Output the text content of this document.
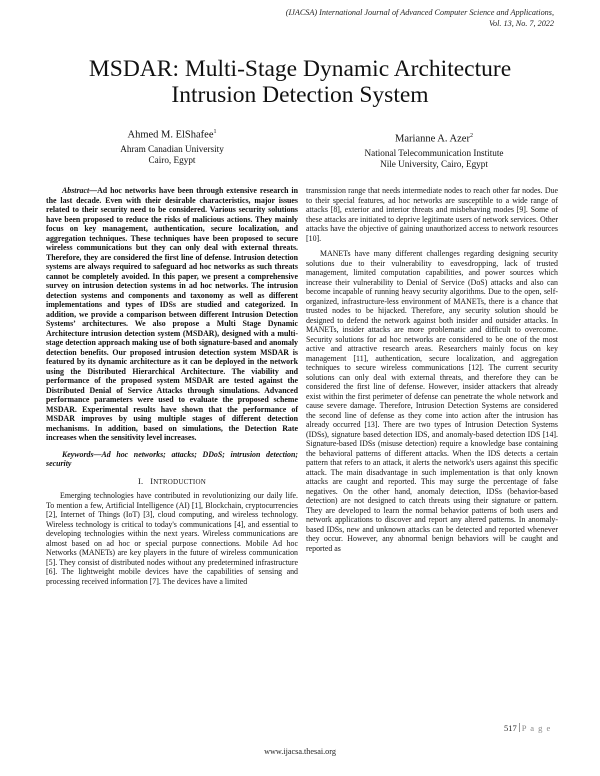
(IJACSA) International Journal of Advanced Computer Science and Applications,
Vol. 13, No. 7, 2022
MSDAR: Multi-Stage Dynamic Architecture
Intrusion Detection System
Ahmed M. ElShafee$^1$
Ahram Canadian University
Cairo, Egypt
Marianne A. Azer$^2$
National Telecommunication Institute
Nile University, Cairo, Egypt

Abstract—Ad hoc networks have been through extensive research in the last decade. Even with their desirable characteristics, major issues related to their security need to be considered. Various security solutions have been proposed to reduce the risks of malicious actions. They mainly focus on key management, authentication, secure localization, and aggregation techniques. These techniques have been proposed to secure wireless communications but they can only deal with external threats. Therefore, they are considered the first line of defense. Intrusion detection systems are always required to safeguard ad hoc networks as such threats cannot be completely avoided. In this paper, we present a comprehensive survey on intrusion detection systems in ad hoc networks. The intrusion detection systems and components and taxonomy as well as different implementations and types of IDSs are studied and categorized. In addition, we provide a comparison between different Intrusion Detection Systems’ architectures. We also propose a Multi Stage Dynamic Architecture intrusion detection system (MSDAR), designed with a multi-stage detection approach making use of both signature-based and anomaly detection benefits. Our proposed intrusion detection system MSDAR is featured by its dynamic architecture as it can be deployed in the network using the Distributed Hierarchical Architecture. The viability and performance of the proposed system MSDAR are tested against the Distributed Denial of Service Attacks through simulations. Advanced performance parameters were used to evaluate the proposed scheme MSDAR. Experimental results have shown that the performance of MSDAR improves by using multiple stages of different detection mechanisms. In addition, based on simulations, the Detection Rate increases when the sensitivity level increases.

Keywords—Ad hoc networks; attacks; DDoS; intrusion detection; security

I. INTRODUCTION

Emerging technologies have contributed in revolutionizing our daily life. To mention a few, Artificial Intelligence (AI) [1], Blockchain, cryptocurrencies [2], Internet of Things (IoT) [3], cloud computing, and wireless technology. Wireless technology is critical to today's communications [4], and essential to developing technologies within the next years. Wireless communications are almost based on ad hoc or special purpose connections. Mobile Ad hoc Networks (MANETs) are key players in the future of wireless communication [5]. They consist of distributed nodes without any predetermined infrastructure [6]. The lightweight mobile devices have the capabilities of sensing and processing received information [7]. The devices have a limited

transmission range that needs intermediate nodes to reach other far nodes. Due to their special features, ad hoc networks are susceptible to a wide range of attacks [8], exterior and interior threats and misbehaving modes [9]. Some of these attacks are initiated to deprive legitimate users of network services. Other attacks have the objective of gaining unauthorized access to network resources [10].

MANETs have many different challenges regarding designing security solutions due to their vulnerability to eavesdropping, lack of trusted management, limited computation capabilities, and power sources which increase their vulnerability to Denial of Service (DoS) attacks and also can become incapable of running heavy security algorithms. Due to the open, self-organized, infrastructure-less environment of MANETs, there is a chance that trusted nodes to be hijacked. Therefore, any security solution should be designed to defend the network against both insider and outsider attacks. In MANETs, insider attacks are more problematic and difficult to overcome. Security solutions for ad hoc networks are considered to be one of the most active and attractive research areas. Researchers mainly focus on key management [11], authentication, secure localization, and aggregation techniques to secure wireless communications [12]. The current security solutions can only deal with external threats, and therefore they can be considered the first line of defense. However, insider attackers that already exist within the first perimeter of defense can penetrate the whole network and cause severe damage. Therefore, Intrusion Detection Systems are considered the second line of defense as they come into action after the intrusion has already occurred [13]. There are two types of Intrusion Detection Systems (IDSs), signature based detection IDS, and anomaly-based detection IDS [14]. Signature-based IDSs (misuse detection) require a knowledge base containing the behavioral patterns of different attacks. When the IDS detects a certain pattern that refers to an attack, it alerts the network's users against this specific attack. The main disadvantage in such implementation is that only known attacks are caught and reported. This may surge the percentage of false negatives. On the other hand, anomaly detection, IDSs (behavior-based detection) are not designed to catch threats using their signature or pattern. They are developed to learn the normal behavior patterns of both users and network applications to discover and report any altered patterns. In anomaly-based IDSs, new and unknown attacks can be detected and reported whenever they occur. However, any abnormal benign behaviors will be caught and reported as

517 P a g e
www.ijacsa.thesai.org
